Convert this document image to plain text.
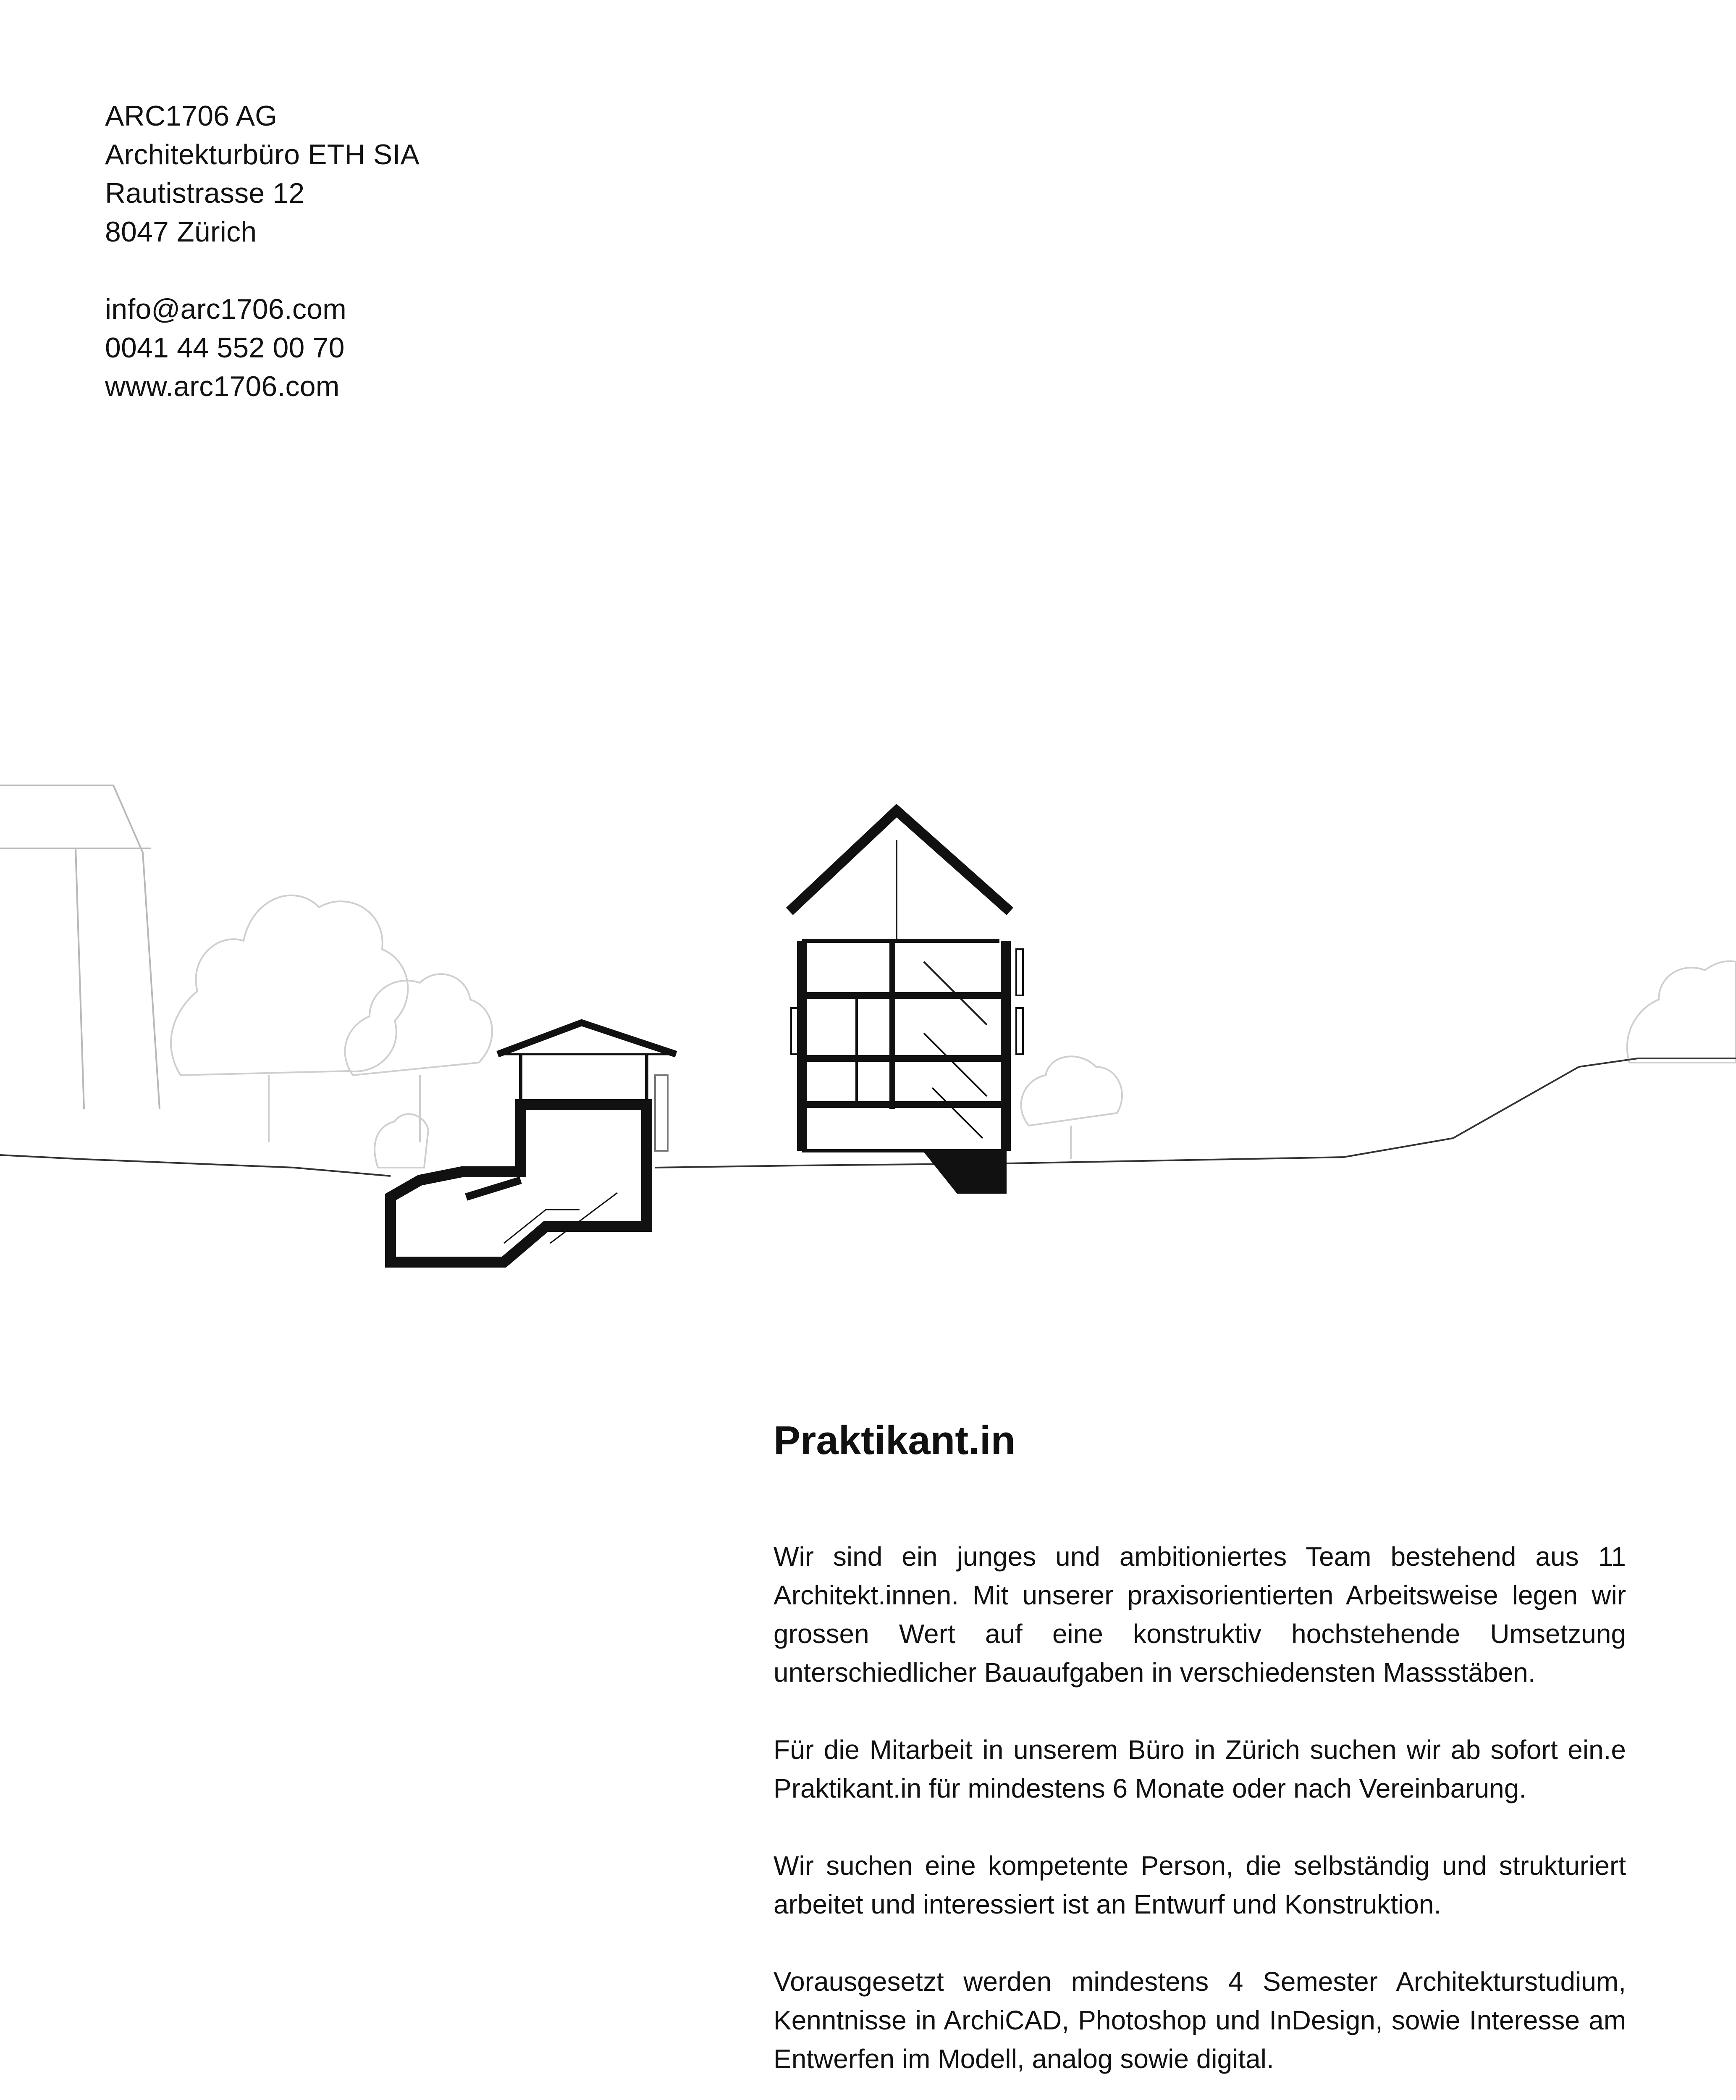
ARC1706 AG
Architekturbüro ETH SIA
Rautistrasse 12
8047 Zürich
info@arc1706.com
0041 44 552 00 70
www.arc1706.com
Praktikant.in

Wir sind ein junges und ambitioniertes Team bestehend aus 11 Architekt.innen. Mit unserer praxisorientierten Arbeitsweise legen wir grossen Wert auf eine konstruktiv hochstehende Umsetzung unterschiedlicher Bauaufgaben in verschiedensten Massstäben.

Für die Mitarbeit in unserem Büro in Zürich suchen wir ab sofort ein.e Praktikant.in für mindestens 6 Monate oder nach Vereinbarung.

Wir suchen eine kompetente Person, die selbständig und strukturiert arbeitet und interessiert ist an Entwurf und Konstruktion.

Vorausgesetzt werden mindestens 4 Semester Architekturstudium, Kenntnisse in ArchiCAD, Photoshop und InDesign, sowie Interesse am Entwerfen im Modell, analog sowie digital.
